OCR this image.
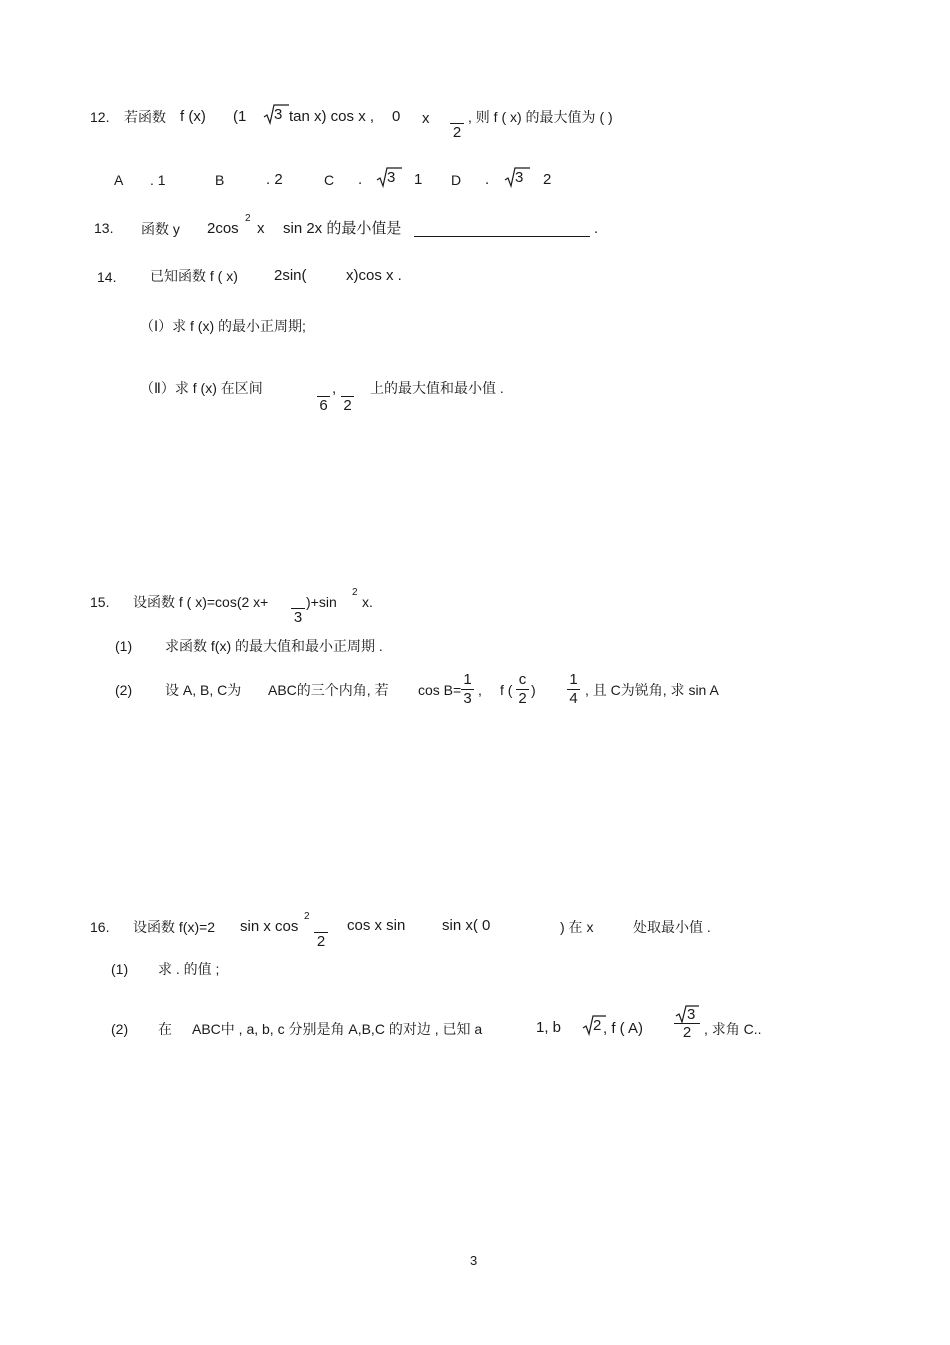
12. 若函数 f (x) (1 3 tan x) cos x , 0 x
2
, 则 f ( x) 的最大值为 ( )
A . 1	B	. 2	C . 3 1 D . 3 2
13. 函数 y 2cos
2
x sin 2x 的最小值是	.
14. 已知函数 f ( x) 2sin(	x)cos x .
（Ⅰ）求 f (x) 的最小正周期;
（Ⅱ）求 f (x) 在区间
6
,
2
上的最大值和最小值 .
15. 设函数 f ( x)=cos(2 x+
3
)+sin
2
x.
(1) 求函数 f(x) 的最大值和最小正周期 .
(2) 设 A, B, C为 ABC的三个内角, 若 cos B=
1
3 , f (
c
2 )
1
4 , 且 C为锐角, 求 sin A
16. 设函数 f(x)=2 sin x cos
2
2
cos x sin sin x( 0	) 在 x	处取最小值 .
(1) 求 . 的值 ;
(2) 在 ABC中 , a, b, c 分别是角 A,B,C 的对边 , 已知 a	1, b 2 , f ( A)
3
2 , 求角 C..
3
